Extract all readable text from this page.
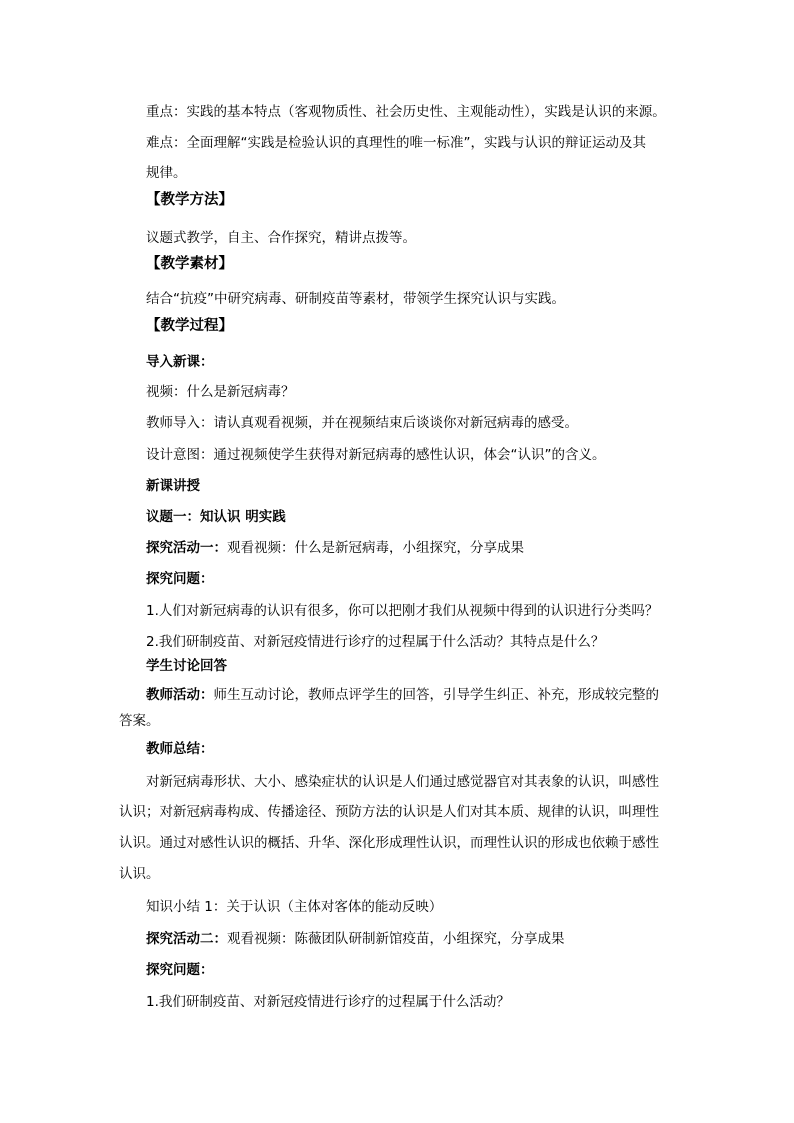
重点：实践的基本特点（客观物质性、社会历史性、主观能动性），实践是认识的来源。
难点：全面理解“实践是检验认识的真理性的唯一标准”，实践与认识的辩证运动及其
规律。
【教学方法】
议题式教学，自主、合作探究，精讲点拨等。
【教学素材】
结合“抗疫”中研究病毒、研制疫苗等素材，带领学生探究认识与实践。
【教学过程】
导入新课：
视频：什么是新冠病毒？
教师导入：请认真观看视频，并在视频结束后谈谈你对新冠病毒的感受。
设计意图：通过视频使学生获得对新冠病毒的感性认识，体会“认识”的含义。
新课讲授
议题一：知认识 明实践
探究活动一：观看视频：什么是新冠病毒，小组探究，分享成果
探究问题：
1.人们对新冠病毒的认识有很多，你可以把刚才我们从视频中得到的认识进行分类吗？
2.我们研制疫苗、对新冠疫情进行诊疗的过程属于什么活动？其特点是什么？
学生讨论回答
教师活动：师生互动讨论，教师点评学生的回答，引导学生纠正、补充，形成较完整的
答案。
教师总结：
对新冠病毒形状、大小、感染症状的认识是人们通过感觉器官对其表象的认识，叫感性
认识；对新冠病毒构成、传播途径、预防方法的认识是人们对其本质、规律的认识，叫理性
认识。通过对感性认识的概括、升华、深化形成理性认识，而理性认识的形成也依赖于感性
认识。
知识小结 1：关于认识（主体对客体的能动反映）
探究活动二：观看视频：陈薇团队研制新馆疫苗，小组探究，分享成果
探究问题：
1.我们研制疫苗、对新冠疫情进行诊疗的过程属于什么活动？
